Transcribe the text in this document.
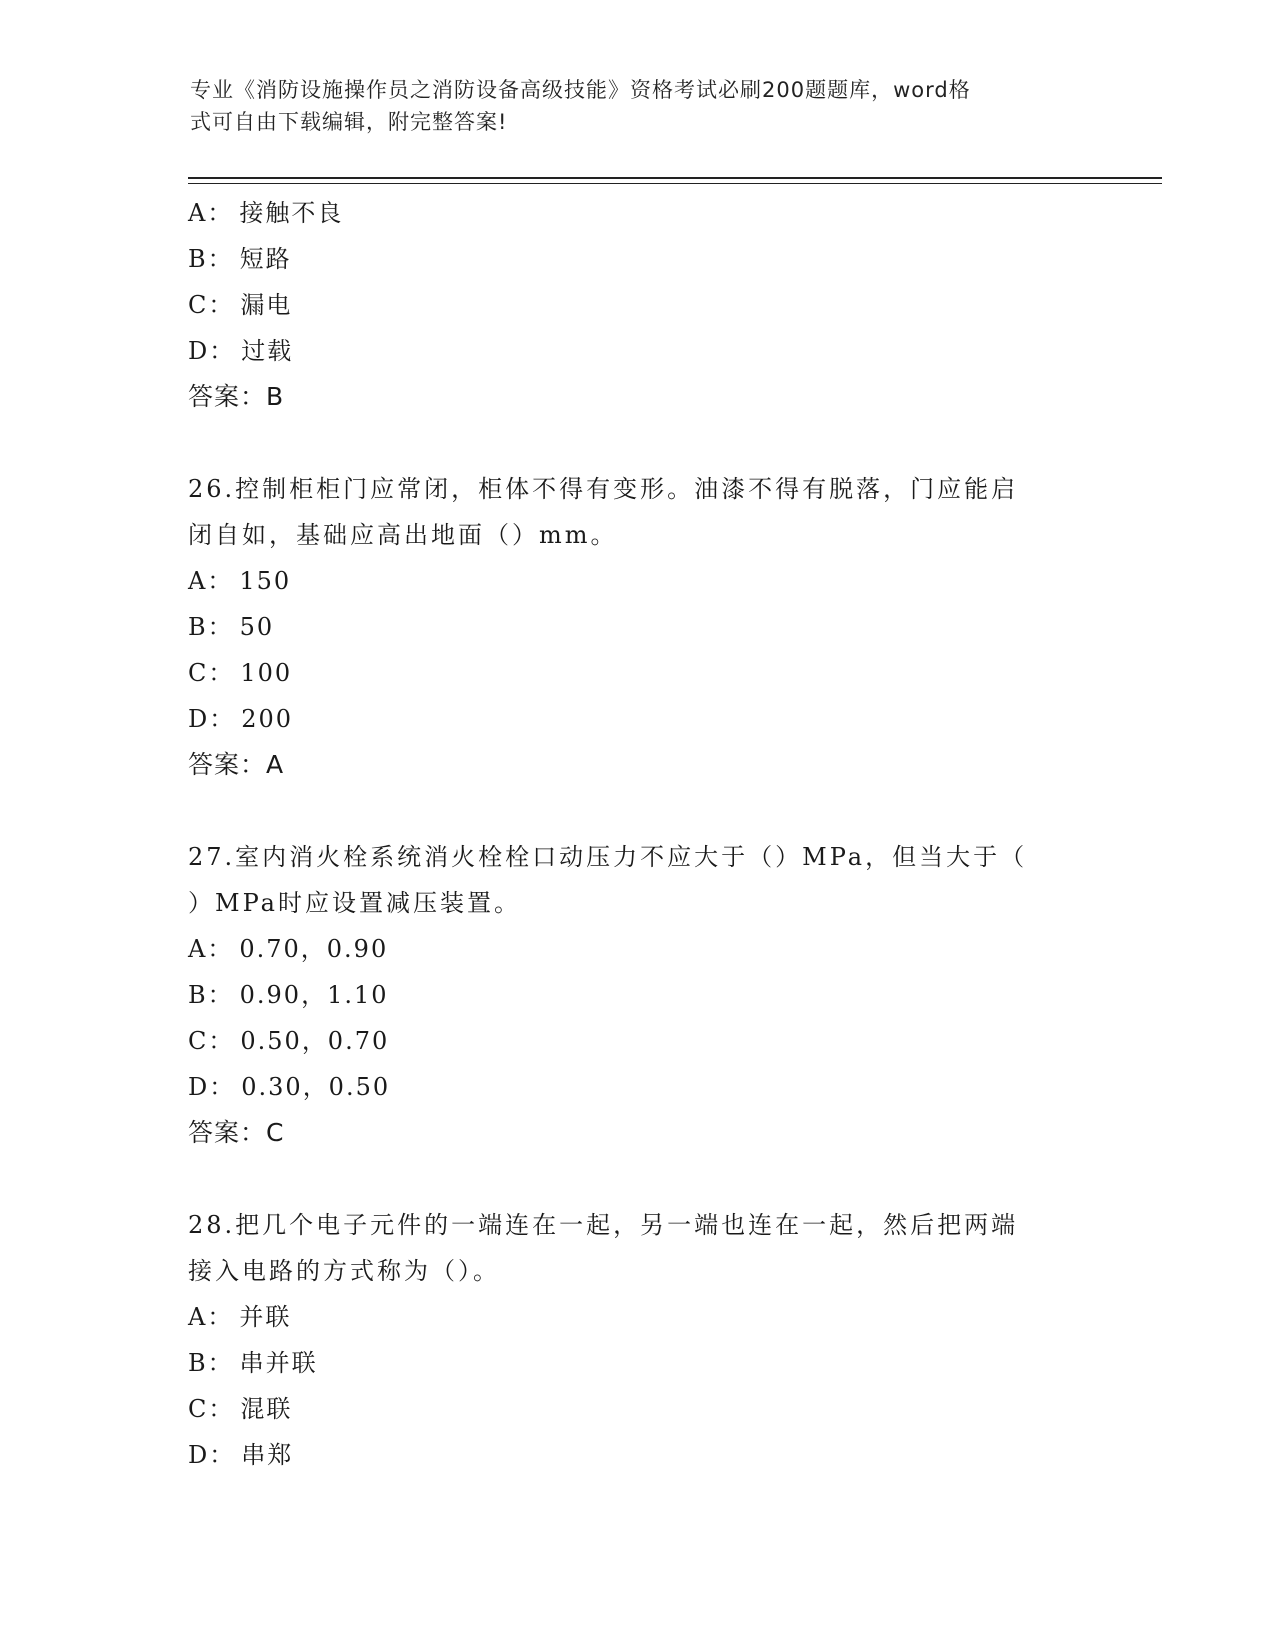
专业《消防设施操作员之消防设备高级技能》资格考试必刷200题题库，word格
式可自由下载编辑，附完整答案!
A： 接触不良
B： 短路
C： 漏电
D： 过载
答案：B
26.控制柜柜门应常闭，柜体不得有变形。油漆不得有脱落，门应能启
闭自如，基础应高出地面（）mm。
A： 150
B： 50
C： 100
D： 200
答案：A
27.室内消火栓系统消火栓栓口动压力不应大于（）MPa，但当大于（
）MPa时应设置减压装置。
A： 0.70，0.90
B： 0.90，1.10
C： 0.50，0.70
D： 0.30，0.50
答案：C
28.把几个电子元件的一端连在一起，另一端也连在一起，然后把两端
接入电路的方式称为（）。
A： 并联
B： 串并联
C： 混联
D： 串郑
